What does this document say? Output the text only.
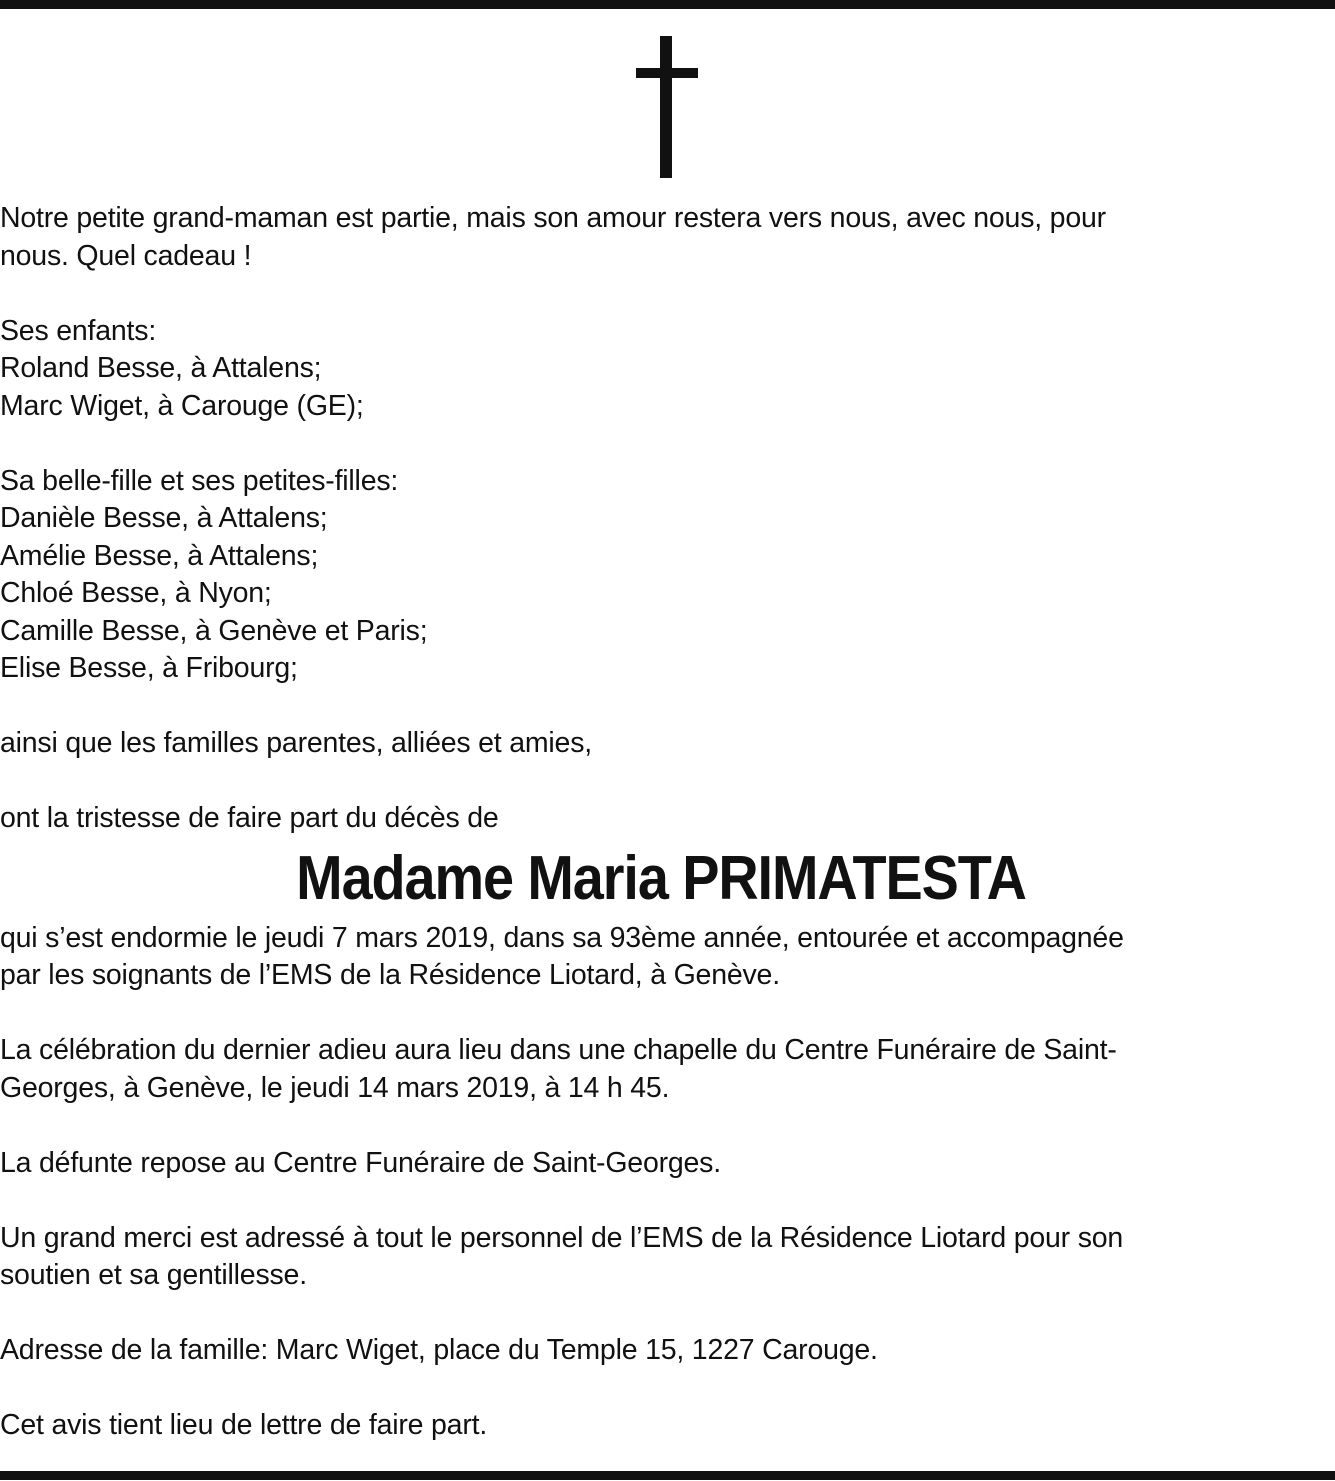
Notre petite grand-maman est partie, mais son amour restera vers nous, avec nous, pour
nous. Quel cadeau !

Ses enfants:
Roland Besse, à Attalens;
Marc Wiget, à Carouge (GE);

Sa belle-fille et ses petites-filles:
Danièle Besse, à Attalens;
Amélie Besse, à Attalens;
Chloé Besse, à Nyon;
Camille Besse, à Genève et Paris;
Elise Besse, à Fribourg;

ainsi que les familles parentes, alliées et amies,

ont la tristesse de faire part du décès de

Madame Maria PRIMATESTA

qui s’est endormie le jeudi 7 mars 2019, dans sa 93ème année, entourée et accompagnée
par les soignants de l’EMS de la Résidence Liotard, à Genève.

La célébration du dernier adieu aura lieu dans une chapelle du Centre Funéraire de Saint-
Georges, à Genève, le jeudi 14 mars 2019, à 14 h 45.

La défunte repose au Centre Funéraire de Saint-Georges.

Un grand merci est adressé à tout le personnel de l’EMS de la Résidence Liotard pour son
soutien et sa gentillesse.

Adresse de la famille: Marc Wiget, place du Temple 15, 1227 Carouge.

Cet avis tient lieu de lettre de faire part.
